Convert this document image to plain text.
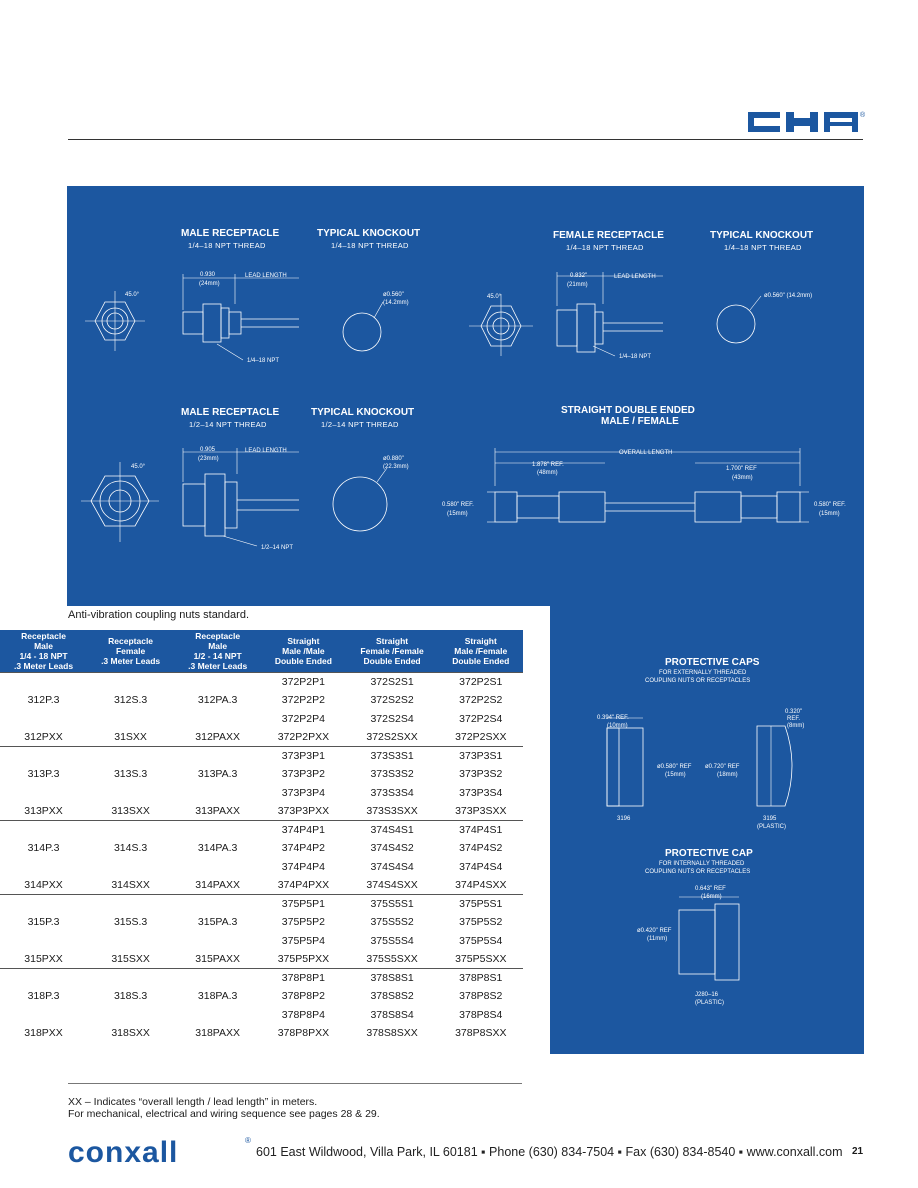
®
MALE RECEPTACLE
1/4–18 NPT THREAD
45.0°
0.930
(24mm)
LEAD LENGTH
1/4–18 NPT
TYPICAL KNOCKOUT
1/4–18 NPT THREAD
ø0.560"
(14.2mm)
FEMALE RECEPTACLE
1/4–18 NPT THREAD
45.0°
0.832"
(21mm)
LEAD LENGTH
1/4–18 NPT
TYPICAL KNOCKOUT
1/4–18 NPT THREAD
ø0.560" (14.2mm)
MALE RECEPTACLE
1/2–14 NPT THREAD
45.0°
0.905
(23mm)
LEAD LENGTH
1/2–14 NPT
TYPICAL KNOCKOUT
1/2–14 NPT THREAD
ø0.880"
(22.3mm)
STRAIGHT DOUBLE ENDED
MALE / FEMALE
OVERALL LENGTH
1.878" REF.
(48mm)
1.700" REF
(43mm)
0.580" REF.
(15mm)
0.580" REF.
(15mm)
PROTECTIVE CAPS
FOR EXTERNALLY THREADED
COUPLING NUTS OR RECEPTACLES
0.394" REF.
(10mm)
ø0.580" REF
(15mm)
3196
0.320"
REF.
(8mm)
ø0.720" REF
(18mm)
3195
(PLASTIC)
PROTECTIVE CAP
FOR INTERNALLY THREADED
COUPLING NUTS OR RECEPTACLES
0.643" REF
(16mm)
ø0.420" REF
(11mm)
J280–16
(PLASTIC)
Anti-vibration coupling nuts standard.
Receptacle
Male
1/4 - 18 NPT
.3 Meter Leads	Receptacle
Female
.3 Meter Leads	Receptacle
Male
1/2 - 14 NPT
.3 Meter Leads	Straight
Male /Male
Double Ended	Straight
Female /Female
Double Ended	Straight
Male /Female
Double Ended
			372P2P1	372S2S1	372P2S1
312P.3	312S.3	312PA.3	372P2P2	372S2S2	372P2S2
			372P2P4	372S2S4	372P2S4
312PXX	31SXX	312PAXX	372P2PXX	372S2SXX	372P2SXX
			373P3P1	373S3S1	373P3S1
313P.3	313S.3	313PA.3	373P3P2	373S3S2	373P3S2
			373P3P4	373S3S4	373P3S4
313PXX	313SXX	313PAXX	373P3PXX	373S3SXX	373P3SXX
			374P4P1	374S4S1	374P4S1
314P.3	314S.3	314PA.3	374P4P2	374S4S2	374P4S2
			374P4P4	374S4S4	374P4S4
314PXX	314SXX	314PAXX	374P4PXX	374S4SXX	374P4SXX
			375P5P1	375S5S1	375P5S1
315P.3	315S.3	315PA.3	375P5P2	375S5S2	375P5S2
			375P5P4	375S5S4	375P5S4
315PXX	315SXX	315PAXX	375P5PXX	375S5SXX	375P5SXX
			378P8P1	378S8S1	378P8S1
318P.3	318S.3	318PA.3	378P8P2	378S8S2	378P8S2
			378P8P4	378S8S4	378P8S4
318PXX	318SXX	318PAXX	378P8PXX	378S8SXX	378P8SXX
XX – Indicates “overall length / lead length” in meters.
For mechanical, electrical and wiring sequence see pages 28 & 29.
conxall	®
601 East Wildwood, Villa Park, IL 60181 ▪ Phone (630) 834-7504 ▪ Fax (630) 834-8540 ▪ www.conxall.com 21
